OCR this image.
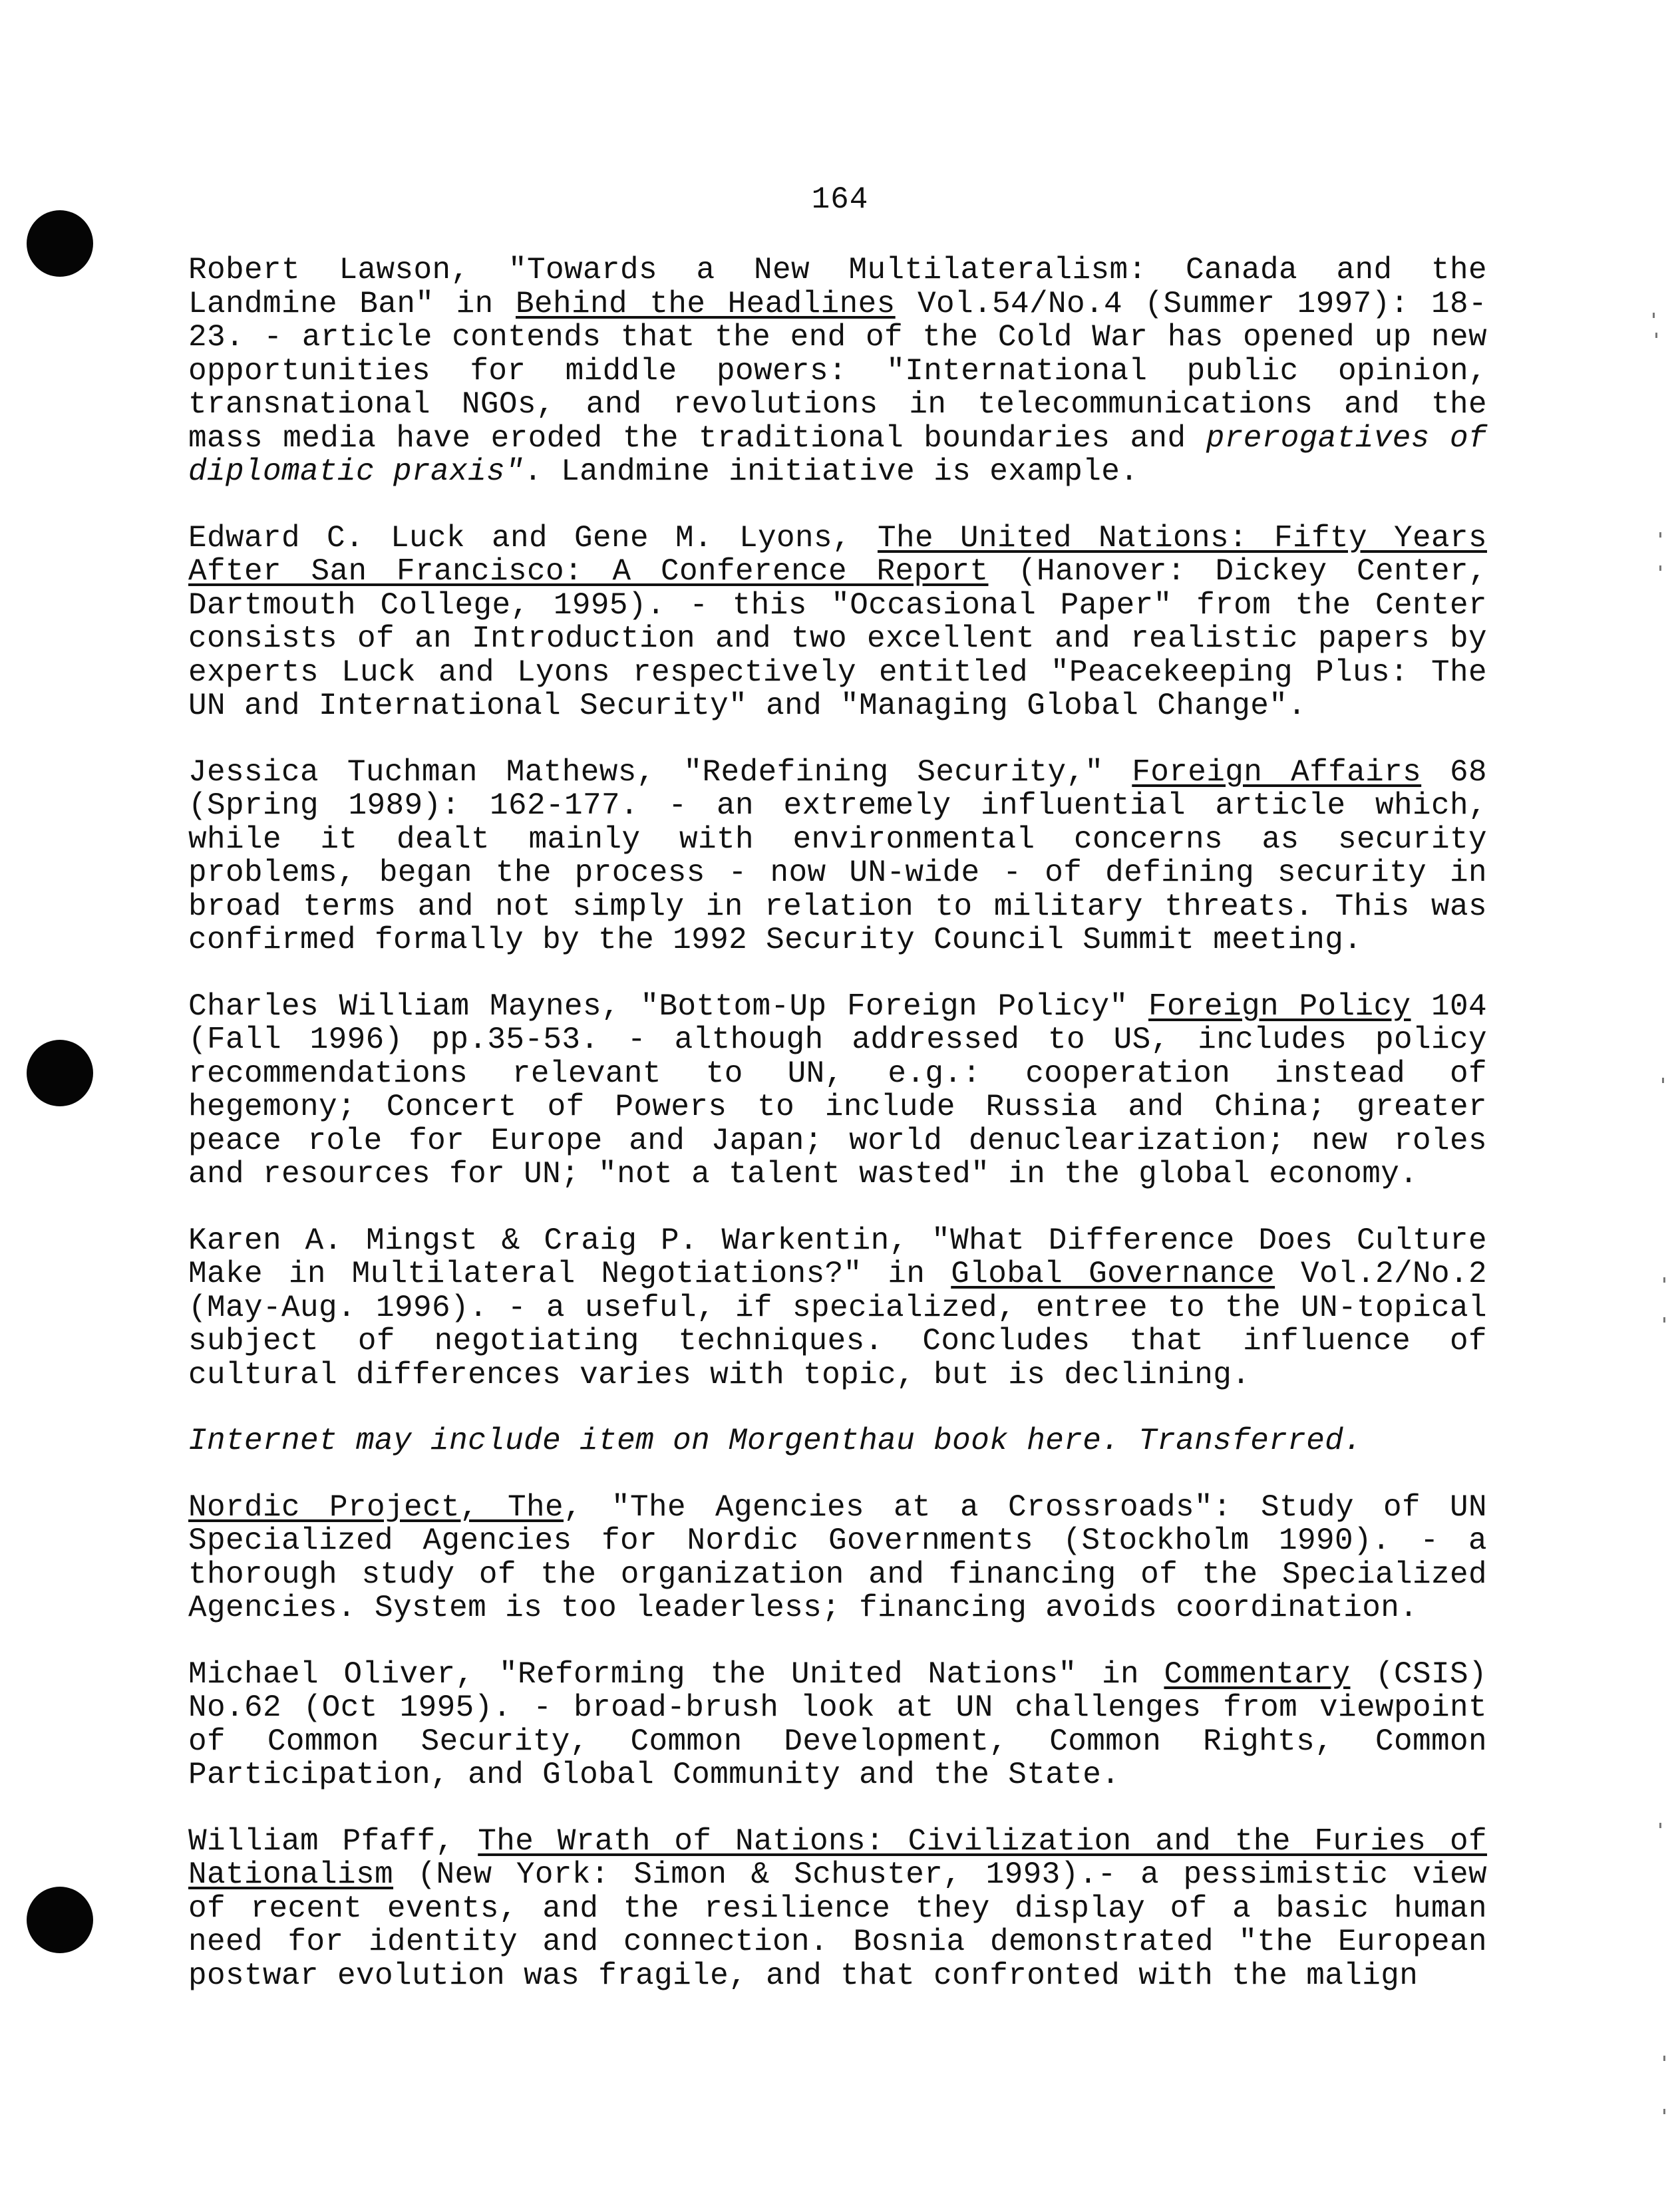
164

Robert Lawson, "Towards a New Multilateralism: Canada and the Landmine Ban" in Behind the Headlines Vol.54/No.4 (Summer 1997): 18-23. - article contends that the end of the Cold War has opened up new opportunities for middle powers: "International public opinion, transnational NGOs, and revolutions in telecommunications and the mass media have eroded the traditional boundaries and prerogatives of diplomatic praxis". Landmine initiative is example.

Edward C. Luck and Gene M. Lyons, The United Nations: Fifty Years After San Francisco: A Conference Report (Hanover: Dickey Center, Dartmouth College, 1995). - this "Occasional Paper" from the Center consists of an Introduction and two excellent and realistic papers by experts Luck and Lyons respectively entitled "Peacekeeping Plus: The UN and International Security" and "Managing Global Change".

Jessica Tuchman Mathews, "Redefining Security," Foreign Affairs 68 (Spring 1989): 162-177. - an extremely influential article which, while it dealt mainly with environmental concerns as security problems, began the process - now UN-wide - of defining security in broad terms and not simply in relation to military threats. This was confirmed formally by the 1992 Security Council Summit meeting.

Charles William Maynes, "Bottom-Up Foreign Policy" Foreign Policy 104 (Fall 1996) pp.35-53. - although addressed to US, includes policy recommendations relevant to UN, e.g.: cooperation instead of hegemony; Concert of Powers to include Russia and China; greater peace role for Europe and Japan; world denuclearization; new roles and resources for UN; "not a talent wasted" in the global economy.

Karen A. Mingst & Craig P. Warkentin, "What Difference Does Culture Make in Multilateral Negotiations?" in Global Governance Vol.2/No.2 (May-Aug. 1996). - a useful, if specialized, entree to the UN-topical subject of negotiating techniques. Concludes that influence of cultural differences varies with topic, but is declining.

Internet may include item on Morgenthau book here. Transferred.

Nordic Project, The, "The Agencies at a Crossroads": Study of UN Specialized Agencies for Nordic Governments (Stockholm 1990). - a thorough study of the organization and financing of the Specialized Agencies. System is too leaderless; financing avoids coordination.

Michael Oliver, "Reforming the United Nations" in Commentary (CSIS) No.62 (Oct 1995). - broad-brush look at UN challenges from viewpoint of Common Security, Common Development, Common Rights, Common Participation, and Global Community and the State.

William Pfaff, The Wrath of Nations: Civilization and the Furies of Nationalism (New York: Simon & Schuster, 1993).- a pessimistic view of recent events, and the resilience they display of a basic human need for identity and connection. Bosnia demonstrated "the European postwar evolution was fragile, and that confronted with the malign
